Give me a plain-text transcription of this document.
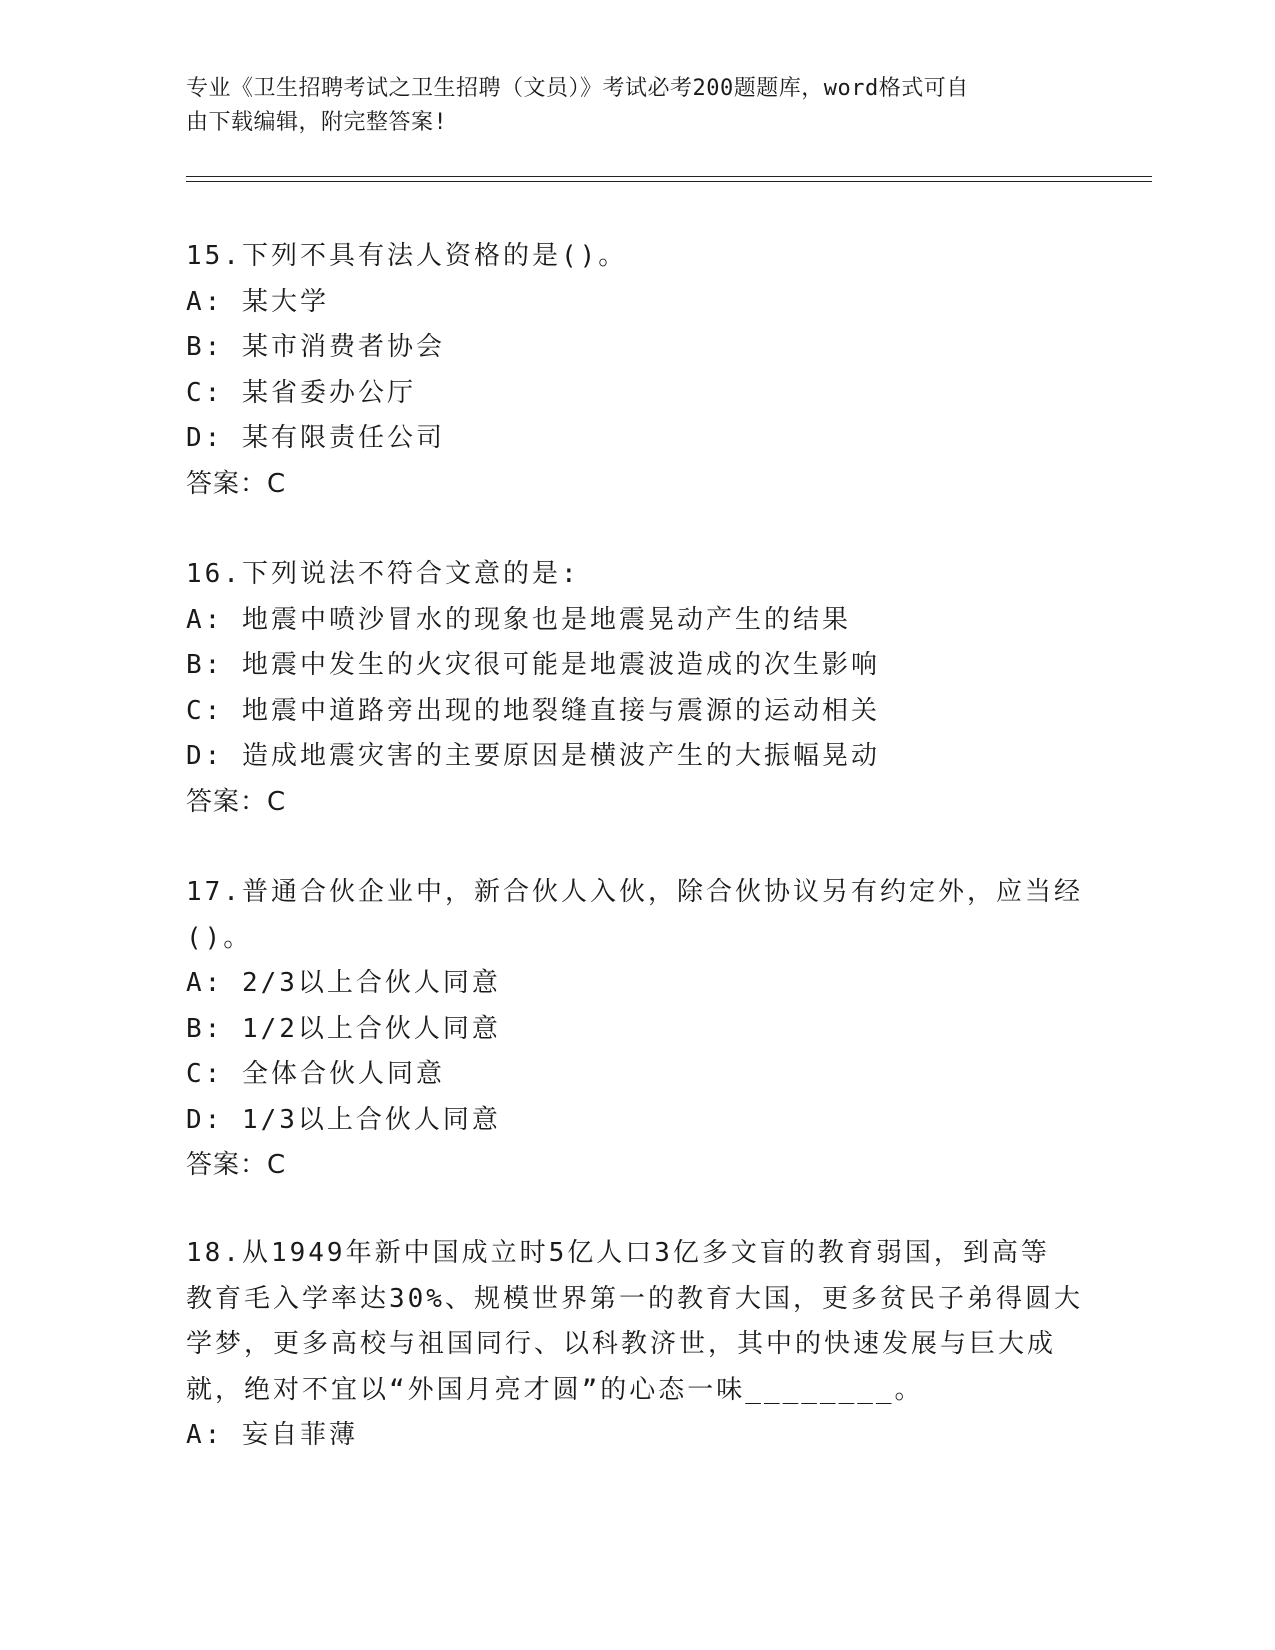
专业《卫生招聘考试之卫生招聘（文员）》考试必考200题题库，word格式可自
由下载编辑，附完整答案!
15.下列不具有法人资格的是()。
A: 某大学
B: 某市消费者协会
C: 某省委办公厅
D: 某有限责任公司
答案：C
16.下列说法不符合文意的是:
A: 地震中喷沙冒水的现象也是地震晃动产生的结果
B: 地震中发生的火灾很可能是地震波造成的次生影响
C: 地震中道路旁出现的地裂缝直接与震源的运动相关
D: 造成地震灾害的主要原因是横波产生的大振幅晃动
答案：C
17.普通合伙企业中，新合伙人入伙，除合伙协议另有约定外，应当经
()。
A: 2/3以上合伙人同意
B: 1/2以上合伙人同意
C: 全体合伙人同意
D: 1/3以上合伙人同意
答案：C
18.从1949年新中国成立时5亿人口3亿多文盲的教育弱国，到高等
教育毛入学率达30%、规模世界第一的教育大国，更多贫民子弟得圆大
学梦，更多高校与祖国同行、以科教济世，其中的快速发展与巨大成
就，绝对不宜以“外国月亮才圆”的心态一味________。
A: 妄自菲薄
